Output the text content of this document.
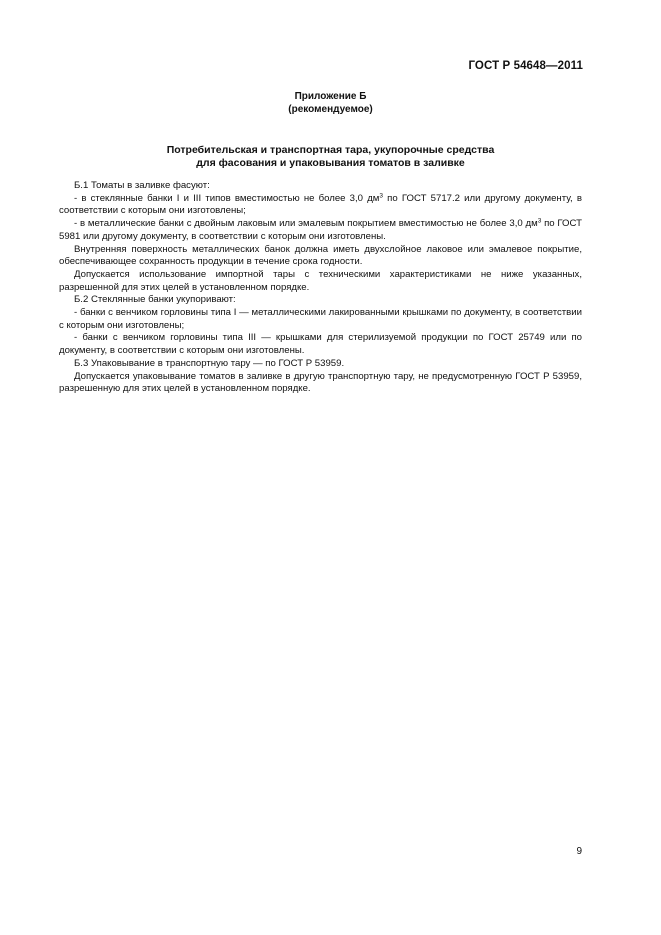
ГОСТ Р 54648—2011
Приложение Б
(рекомендуемое)
Потребительская и транспортная тара, укупорочные средства
для фасования и упаковывания томатов в заливке

Б.1 Томаты в заливке фасуют:

- в стеклянные банки I и III типов вместимостью не более 3,0 $дм^3$ по ГОСТ 5717.2 или другому документу, в соответствии с которым они изготовлены;

- в металлические банки с двойным лаковым или эмалевым покрытием вместимостью не более 3,0 $дм^3$ по ГОСТ 5981 или другому документу, в соответствии с которым они изготовлены.

Внутренняя поверхность металлических банок должна иметь двухслойное лаковое или эмалевое покрытие, обеспечивающее сохранность продукции в течение срока годности.

Допускается использование импортной тары с техническими характеристиками не ниже указанных, разрешенной для этих целей в установленном порядке.

Б.2 Стеклянные банки укупоривают:

- банки с венчиком горловины типа I — металлическими лакированными крышками по документу, в соответствии с которым они изготовлены;

- банки с венчиком горловины типа III — крышками для стерилизуемой продукции по ГОСТ 25749 или по документу, в соответствии с которым они изготовлены.

Б.3 Упаковывание в транспортную тару — по ГОСТ Р 53959.

Допускается упаковывание томатов в заливке в другую транспортную тару, не предусмотренную ГОСТ Р 53959, разрешенную для этих целей в установленном порядке.

9
